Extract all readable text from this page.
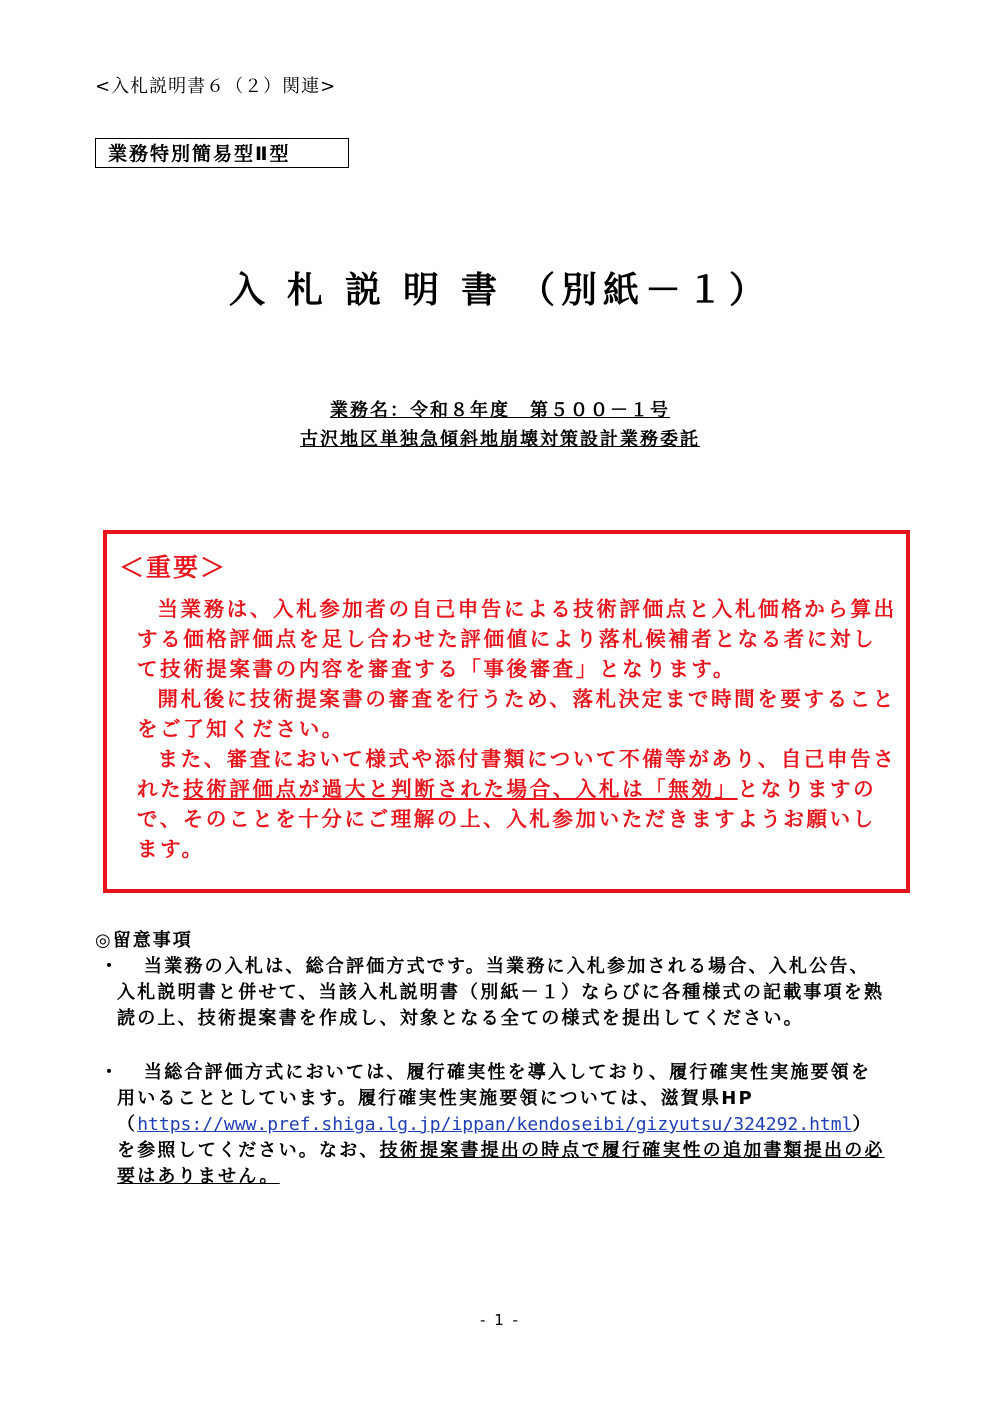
<入札説明書６（２）関連>
業務特別簡易型Ⅱ型
入札説明書（別紙－１）
業務名：令和８年度　第５００－１号
古沢地区単独急傾斜地崩壊対策設計業務委託
＜重要＞

当業務は、入札参加者の自己申告による技術評価点と入札価格から算出する価格評価点を足し合わせた評価値により落札候補者となる者に対して技術提案書の内容を審査する「事後審査」となります。

開札後に技術提案書の審査を行うため、落札決定まで時間を要することをご了知ください。

また、審査において様式や添付書類について不備等があり、自己申告された技術評価点が過大と判断された場合、入札は「無効」となりますので、そのことを十分にご理解の上、入札参加いただきますようお願いします。

◎留意事項
・	当業務の入札は、総合評価方式です。当業務に入札参加される場合、入札公告、入札説明書と併せて、当該入札説明書（別紙－１）ならびに各種様式の記載事項を熟読の上、技術提案書を作成し、対象となる全ての様式を提出してください。
・	当総合評価方式においては、履行確実性を導入しており、履行確実性実施要領を用いることとしています。履行確実性実施要領については、滋賀県HP（https://www.pref.shiga.lg.jp/ippan/kendoseibi/gizyutsu/324292.html）を参照してください。なお、技術提案書提出の時点で履行確実性の追加書類提出の必要はありません。
- 1 -
